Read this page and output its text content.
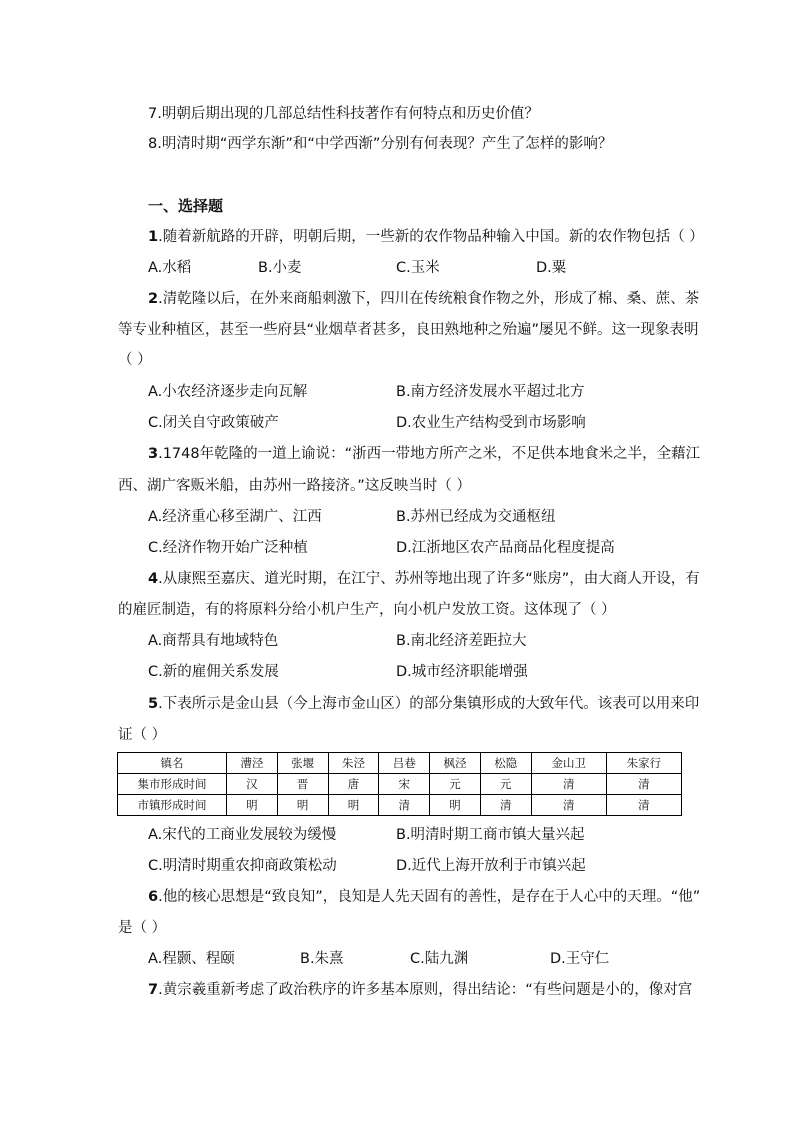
7.明朝后期出现的几部总结性科技著作有何特点和历史价值？
8.明清时期“西学东渐”和“中学西渐”分别有何表现？产生了怎样的影响？
一、选择题
1.随着新航路的开辟，明朝后期，一些新的农作物品种输入中国。新的农作物包括（ ）
A.水稻	B.小麦	C.玉米	D.粟
2.清乾隆以后，在外来商船刺激下，四川在传统粮食作物之外，形成了棉、桑、蔗、茶
等专业种植区，甚至一些府县“业烟草者甚多，良田熟地种之殆遍”屡见不鲜。这一现象表明
（ ）
A.小农经济逐步走向瓦解	B.南方经济发展水平超过北方
C.闭关自守政策破产	D.农业生产结构受到市场影响
3.1748年乾隆的一道上谕说：“浙西一带地方所产之米，不足供本地食米之半，全藉江
西、湖广客贩米船，由苏州一路接济。”这反映当时（ ）
A.经济重心移至湖广、江西	B.苏州已经成为交通枢纽
C.经济作物开始广泛种植	D.江浙地区农产品商品化程度提高
4.从康熙至嘉庆、道光时期，在江宁、苏州等地出现了许多“账房”，由大商人开设，有
的雇匠制造，有的将原料分给小机户生产，向小机户发放工资。这体现了（ ）
A.商帮具有地域特色	B.南北经济差距拉大
C.新的雇佣关系发展	D.城市经济职能增强
5.下表所示是金山县（今上海市金山区）的部分集镇形成的大致年代。该表可以用来印
证（ ）
镇名	漕泾	张堰	朱泾	吕巷	枫泾	松隐	金山卫	朱家行
集市形成时间	汉	晋	唐	宋	元	元	清	清
市镇形成时间	明	明	明	清	明	清	清	清
A.宋代的工商业发展较为缓慢	B.明清时期工商市镇大量兴起
C.明清时期重农抑商政策松动	D.近代上海开放利于市镇兴起
6.他的核心思想是“致良知”，良知是人先天固有的善性，是存在于人心中的天理。“他”
是（ ）
A.程颢、程颐	B.朱熹	C.陆九渊	D.王守仁
7.黄宗羲重新考虑了政治秩序的许多基本原则，得出结论：“有些问题是小的，像对宫
